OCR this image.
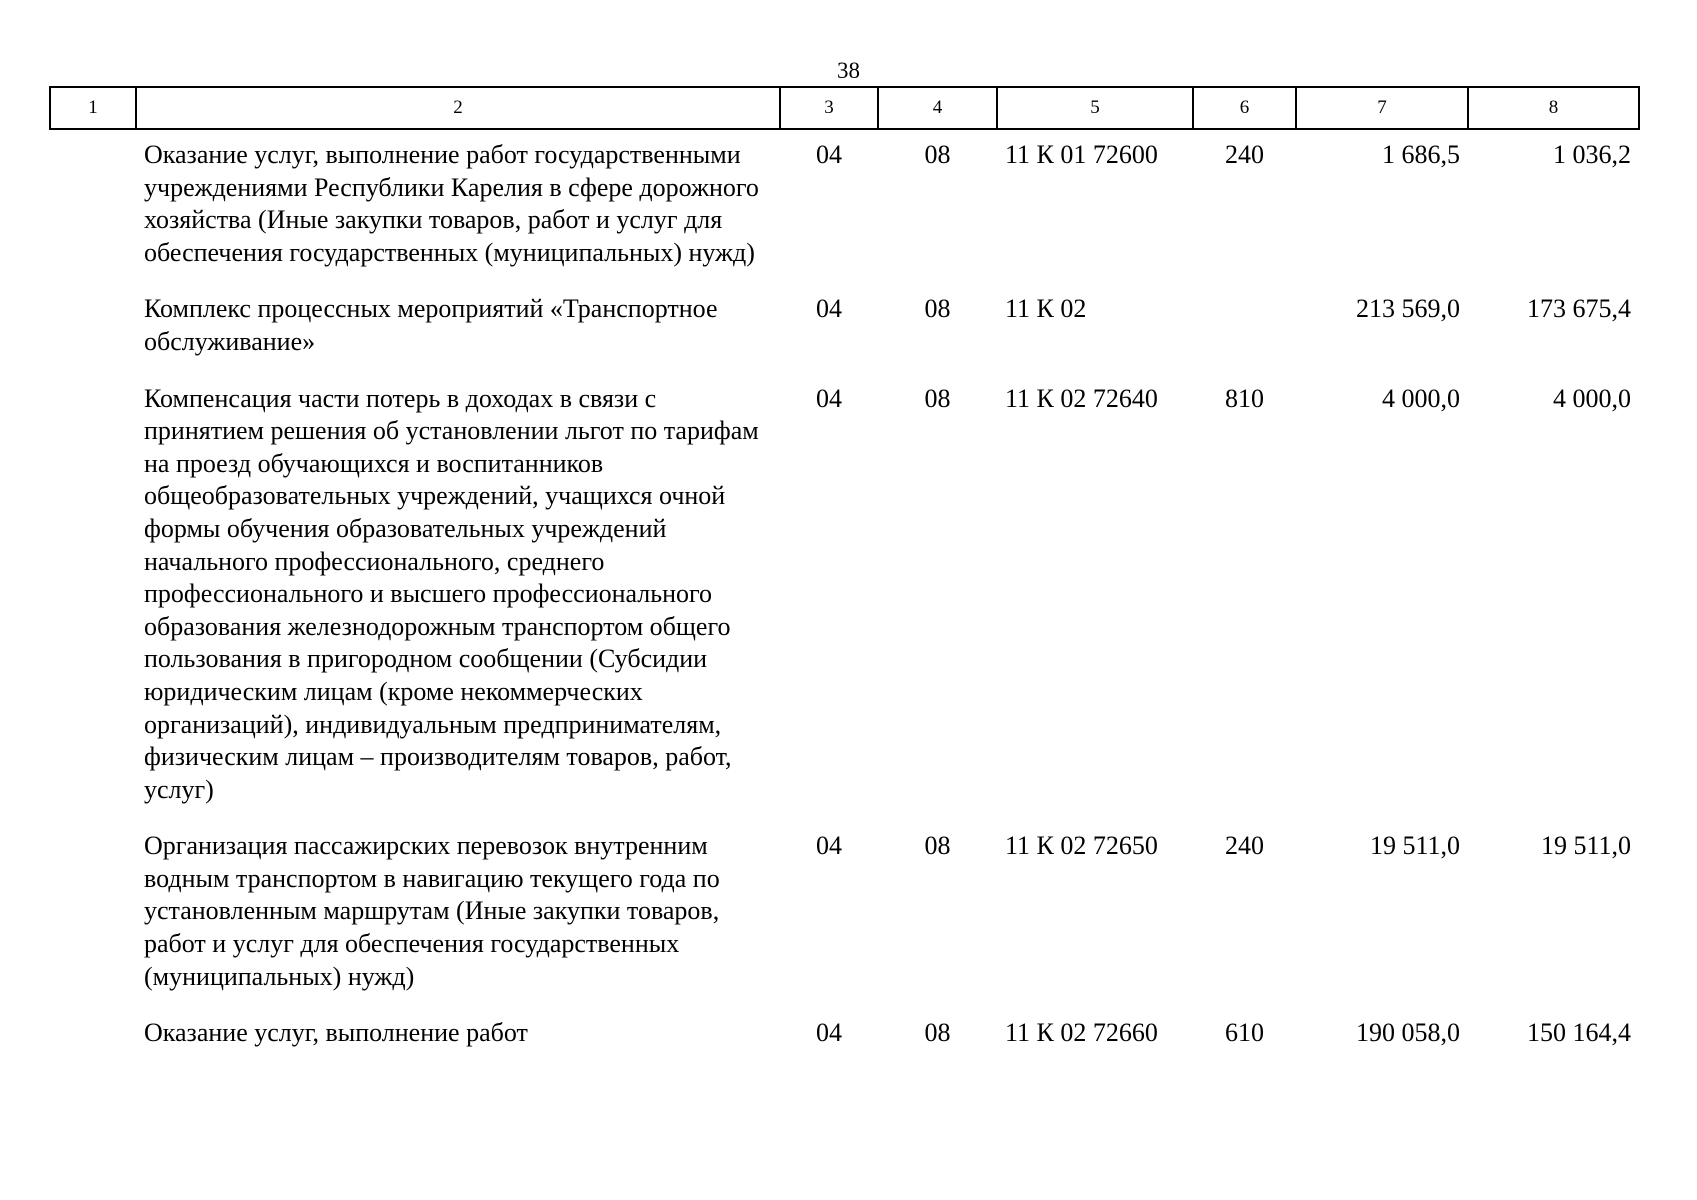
38
1	2	3	4	5	6	7	8
	Оказание услуг, выполнение работ государственными учреждениями Республики Карелия в сфере дорожного хозяйства (Иные закупки товаров, работ и услуг для обеспечения государственных (муниципальных) нужд)	04	08	11 К 01 72600	240	1 686,5	1 036,2
	Комплекс процессных мероприятий «Транспортное обслуживание»	04	08	11 К 02		213 569,0	173 675,4
	Компенсация части потерь в доходах в связи с принятием решения об установлении льгот по тарифам на проезд обучающихся и воспитанников общеобразовательных учреждений, учащихся очной формы обучения образовательных учреждений начального профессионального, среднего профессионального и высшего профессионального образования железнодорожным транспортом общего пользования в пригородном сообщении (Субсидии юридическим лицам (кроме некоммерческих организаций), индивидуальным предпринимателям, физическим лицам – производителям товаров, работ, услуг)	04	08	11 К 02 72640	810	4 000,0	4 000,0
	Организация пассажирских перевозок внутренним водным транспортом в навигацию текущего года по установленным маршрутам (Иные закупки товаров, работ и услуг для обеспечения государственных (муниципальных) нужд)	04	08	11 К 02 72650	240	19 511,0	19 511,0
	Оказание услуг, выполнение работ	04	08	11 К 02 72660	610	190 058,0	150 164,4
